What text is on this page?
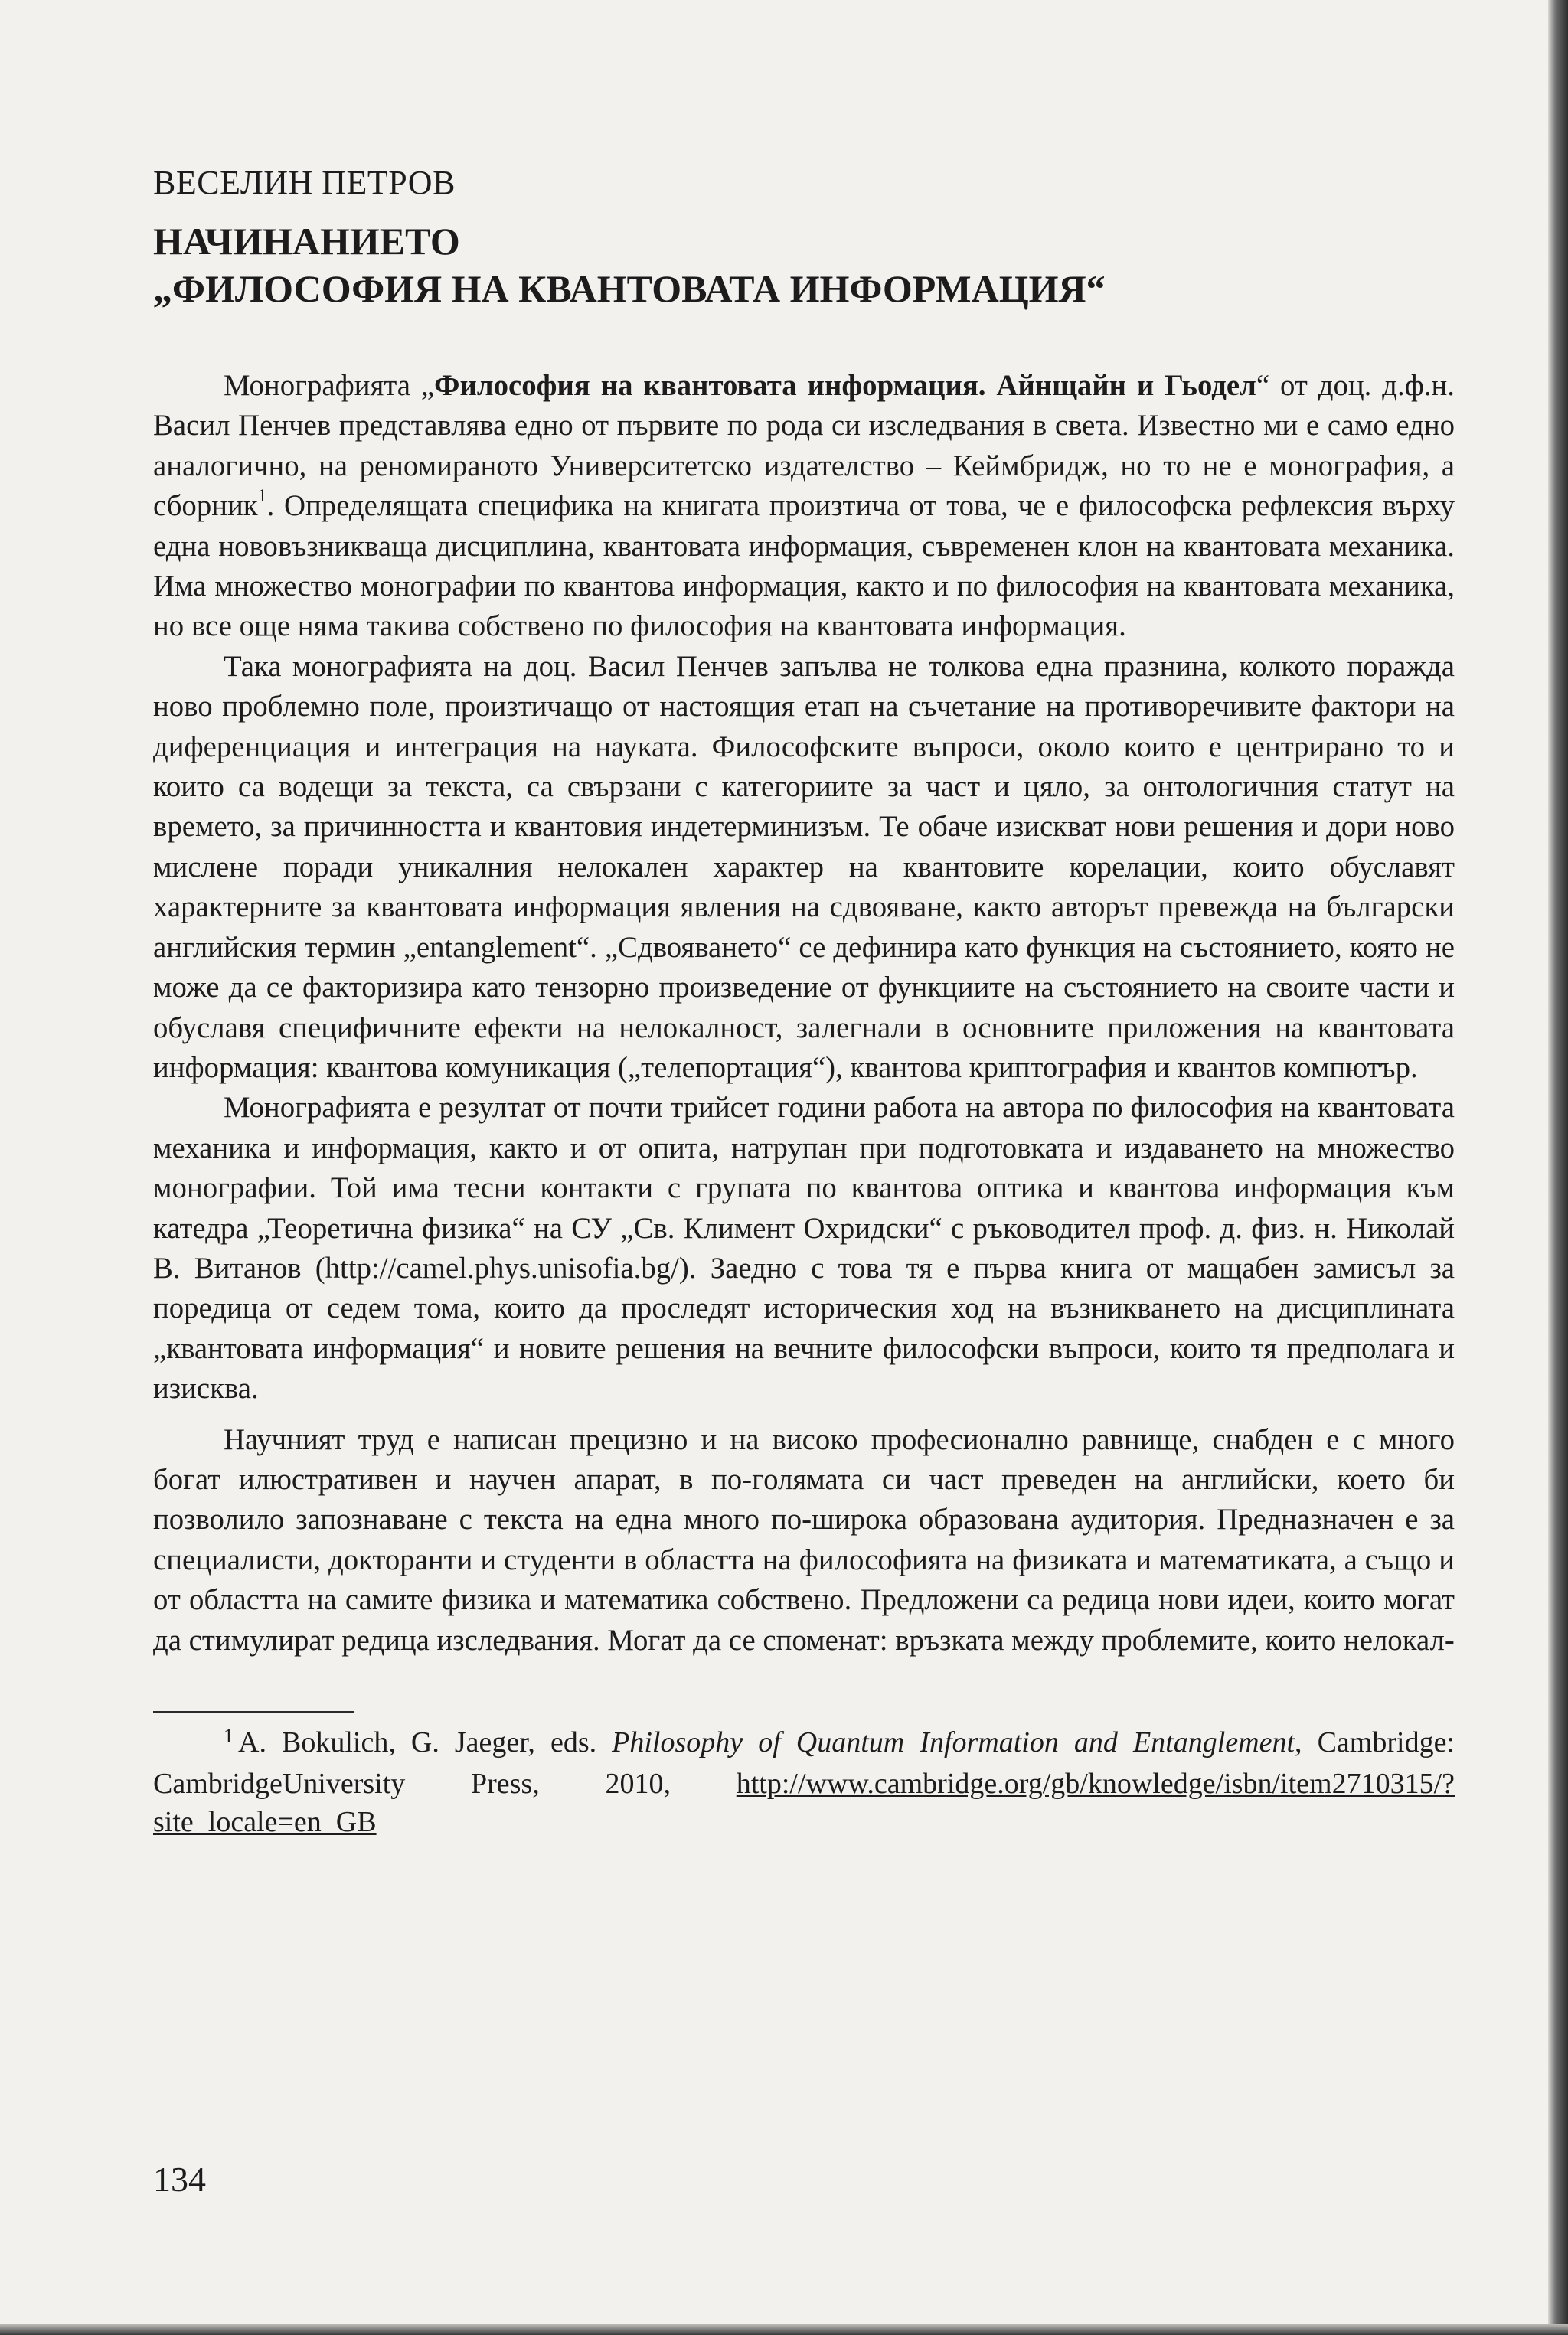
ВЕСЕЛИН ПЕТРОВ

НАЧИНАНИЕТО
„ФИЛОСОФИЯ НА КВАНТОВАТА ИНФОРМАЦИЯ“

Монографията „Философия на квантовата информация. Айнщайн и Гьодел“ от доц. д.ф.н. Васил Пенчев представлява едно от първите по рода си изследвания в света. Известно ми е само едно аналогично, на реномираното Университетско издателство – Кеймбридж, но то не е монография, а сборник$^1$. Определящата специфика на книгата произтича от това, че е философска рефлексия върху една нововъзникваща дисциплина, квантовата информация, съвременен клон на квантовата механика. Има множество монографии по квантова информация, както и по философия на квантовата механика, но все още няма такива собствено по философия на квантовата информация.

Така монографията на доц. Васил Пенчев запълва не толкова една празнина, колкото поражда ново проблемно поле, произтичащо от настоящия етап на съчетание на противоречивите фактори на диференциация и интеграция на науката. Философските въпроси, около които е центрирано то и които са водещи за текста, са свързани с категориите за част и цяло, за онтологичния статут на времето, за причинността и квантовия индетерминизъм. Те обаче изискват нови решения и дори ново мислене поради уникалния нелокален характер на квантовите корелации, които обуславят характерните за квантовата информация явления на сдвояване, както авторът превежда на български английския термин „entanglement“. „Сдвояването“ се дефинира като функция на състоянието, която не може да се факторизира като тензорно произведение от функциите на състоянието на своите части и обуславя специфичните ефекти на нелокалност, залегнали в основните приложения на квантовата информация: квантова комуникация („телепортация“), квантова криптография и квантов компютър.

Монографията е резултат от почти трийсет години работа на автора по философия на квантовата механика и информация, както и от опита, натрупан при подготовката и издаването на множество монографии. Той има тесни контакти с групата по квантова оптика и квантова информация към катедра „Теоретична физика“ на СУ „Св. Климент Охридски“ с ръководител проф. д. физ. н. Николай В. Витанов (http://camel.phys.unisofia.bg/). Заедно с това тя е първа книга от мащабен замисъл за поредица от седем тома, които да проследят историческия ход на възникването на дисциплината „квантовата информация“ и новите решения на вечните философски въпроси, които тя предполага и изисква.

Научният труд е написан прецизно и на високо професионално равнище, снабден е с много богат илюстративен и научен апарат, в по-голямата си част преведен на английски, което би позволило запознаване с текста на една много по-широка образована аудитория. Предназначен е за специалисти, докторанти и студенти в областта на философията на физиката и математиката, а също и от областта на самите физика и математика собствено. Предложени са редица нови идеи, които могат да стимулират редица изследвания. Могат да се споменат: връзката между проблемите, които нелокал-

$^1$ A. Bokulich, G. Jaeger, eds. Philosophy of Quantum Information and Entanglement, Cambridge: CambridgeUniversity Press, 2010, http://www.cambridge.org/gb/knowledge/isbn/item2710315/?site_locale=en_GB

134
